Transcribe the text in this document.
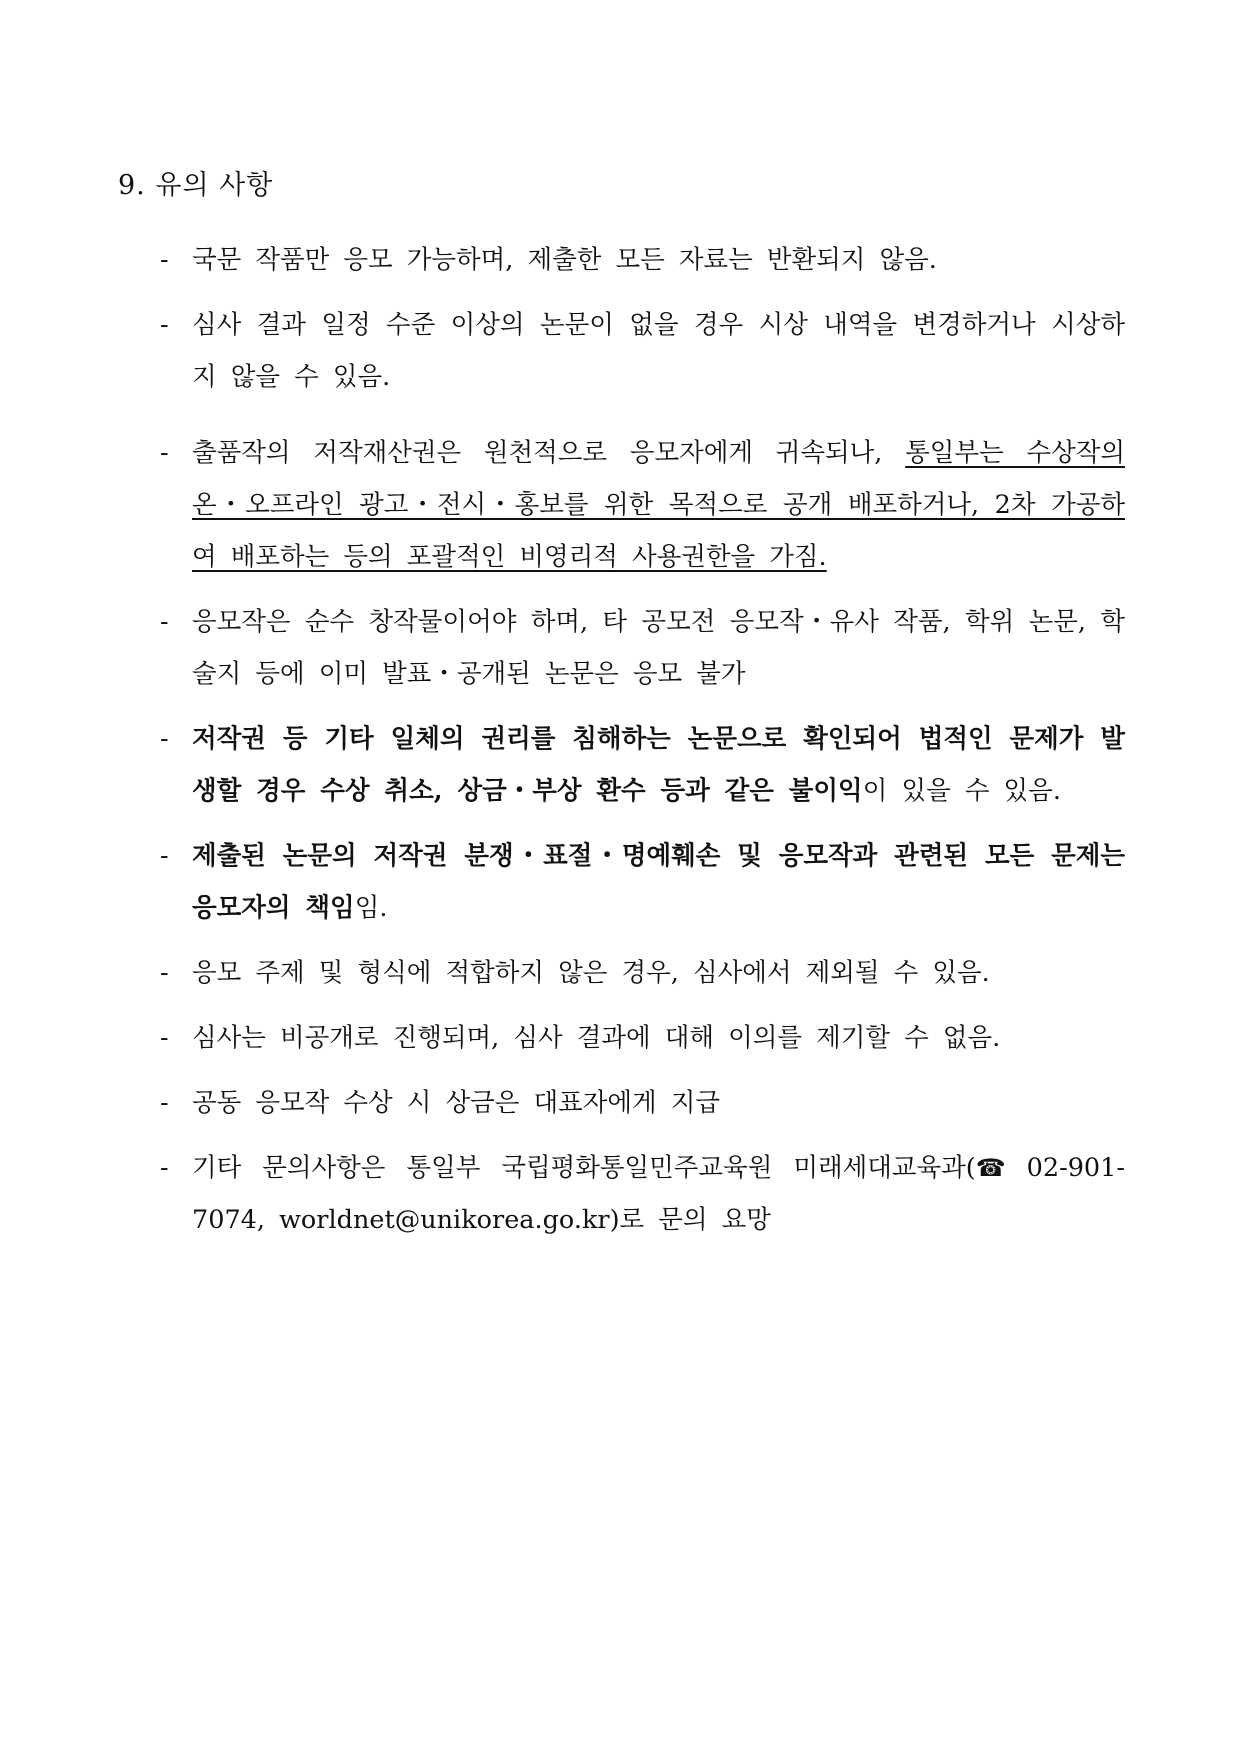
9. 유의 사항
- 국문 작품만 응모 가능하며, 제출한 모든 자료는 반환되지 않음.
- 심사 결과 일정 수준 이상의 논문이 없을 경우 시상 내역을 변경하거나 시상하지 않을 수 있음.
- 출품작의 저작재산권은 원천적으로 응모자에게 귀속되나, 통일부는 수상작의 온・오프라인 광고・전시・홍보를 위한 목적으로 공개 배포하거나, 2차 가공하여 배포하는 등의 포괄적인 비영리적 사용권한을 가짐.
- 응모작은 순수 창작물이어야 하며, 타 공모전 응모작・유사 작품, 학위 논문, 학술지 등에 이미 발표・공개된 논문은 응모 불가
- 저작권 등 기타 일체의 권리를 침해하는 논문으로 확인되어 법적인 문제가 발생할 경우 수상 취소, 상금・부상 환수 등과 같은 불이익이 있을 수 있음.
- 제출된 논문의 저작권 분쟁・표절・명예훼손 및 응모작과 관련된 모든 문제는 응모자의 책임임.
- 응모 주제 및 형식에 적합하지 않은 경우, 심사에서 제외될 수 있음.
- 심사는 비공개로 진행되며, 심사 결과에 대해 이의를 제기할 수 없음.
- 공동 응모작 수상 시 상금은 대표자에게 지급
- 기타 문의사항은 통일부 국립평화통일민주교육원 미래세대교육과(☎ 02-901-7074, worldnet@unikorea.go.kr)로 문의 요망
